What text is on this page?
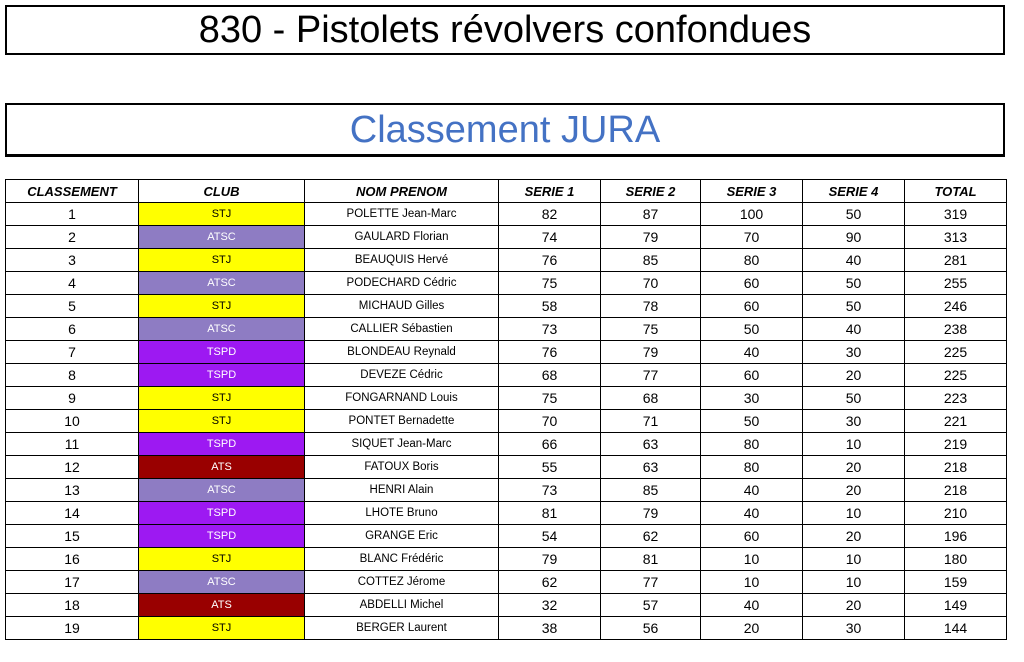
830 - Pistolets révolvers confondues
Classement JURA
CLASSEMENT	CLUB	NOM PRENOM	SERIE 1	SERIE 2	SERIE 3	SERIE 4	TOTAL
1	STJ	POLETTE Jean-Marc	82	87	100	50	319
2	ATSC	GAULARD Florian	74	79	70	90	313
3	STJ	BEAUQUIS Hervé	76	85	80	40	281
4	ATSC	PODECHARD Cédric	75	70	60	50	255
5	STJ	MICHAUD Gilles	58	78	60	50	246
6	ATSC	CALLIER Sébastien	73	75	50	40	238
7	TSPD	BLONDEAU Reynald	76	79	40	30	225
8	TSPD	DEVEZE Cédric	68	77	60	20	225
9	STJ	FONGARNAND Louis	75	68	30	50	223
10	STJ	PONTET Bernadette	70	71	50	30	221
11	TSPD	SIQUET Jean-Marc	66	63	80	10	219
12	ATS	FATOUX Boris	55	63	80	20	218
13	ATSC	HENRI Alain	73	85	40	20	218
14	TSPD	LHOTE Bruno	81	79	40	10	210
15	TSPD	GRANGE Eric	54	62	60	20	196
16	STJ	BLANC Frédéric	79	81	10	10	180
17	ATSC	COTTEZ Jérome	62	77	10	10	159
18	ATS	ABDELLI Michel	32	57	40	20	149
19	STJ	BERGER Laurent	38	56	20	30	144
